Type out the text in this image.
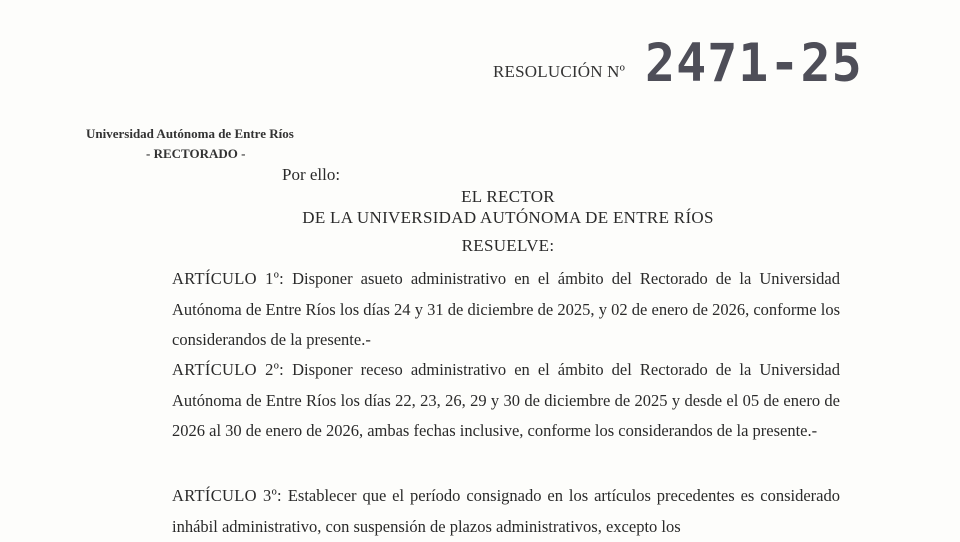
RESOLUCIÓN Nº 2471-25
Universidad Autónoma de Entre Ríos
- RECTORADO -
Por ello:
EL RECTOR
DE LA UNIVERSIDAD AUTÓNOMA DE ENTRE RÍOS
RESUELVE:

ARTÍCULO 1º: Disponer asueto administrativo en el ámbito del Rectorado de la Universidad Autónoma de Entre Ríos los días 24 y 31 de diciembre de 2025, y 02 de enero de 2026, conforme los considerandos de la presente.-

ARTÍCULO 2º: Disponer receso administrativo en el ámbito del Rectorado de la Universidad Autónoma de Entre Ríos los días 22, 23, 26, 29 y 30 de diciembre de 2025 y desde el 05 de enero de 2026 al 30 de enero de 2026, ambas fechas inclusive, conforme los considerandos de la presente.-

ARTÍCULO 3º: Establecer que el período consignado en los artículos precedentes es considerado inhábil administrativo, con suspensión de plazos administrativos, excepto los
